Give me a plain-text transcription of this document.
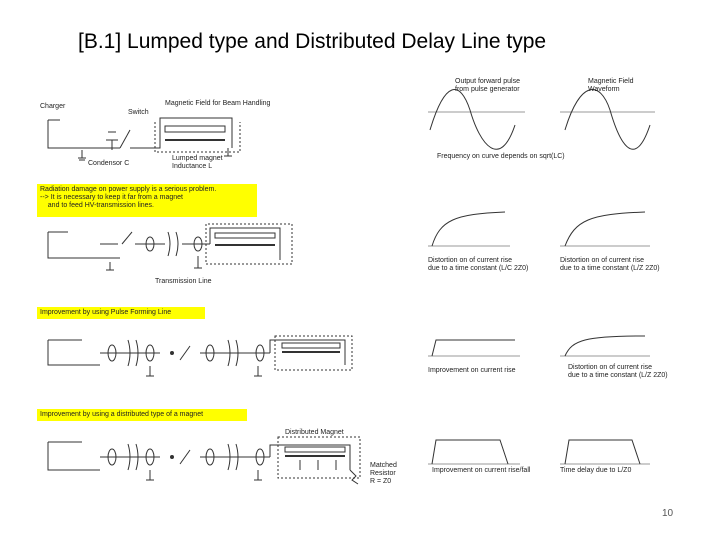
[B.1] Lumped type and Distributed Delay Line type
Charger
Switch
Magnetic Field for Beam Handling
Condensor C
Lumped magnet
Inductance L
Output forward pulse
from pulse generator
Magnetic Field
Waveform
Frequency on curve depends on sqrt(LC)
Radiation damage on power supply is a serious problem.
--> It is necessary to keep it far from a magnet
and to feed HV-transmission lines.
Transmission Line
Distortion on of current rise
due to a time constant (L/C 2Z0)
Distortion on of current rise
due to a time constant (L/Z 2Z0)
Improvement by using Pulse Forming Line
Improvement on current rise	Distortion on of current rise
due to a time constant (L/Z 2Z0)
Improvement by using a distributed type of a magnet
Distributed Magnet
Matched
Resistor
R = Z0
Improvement on current rise/fall	Time delay due to L/Z0
10
